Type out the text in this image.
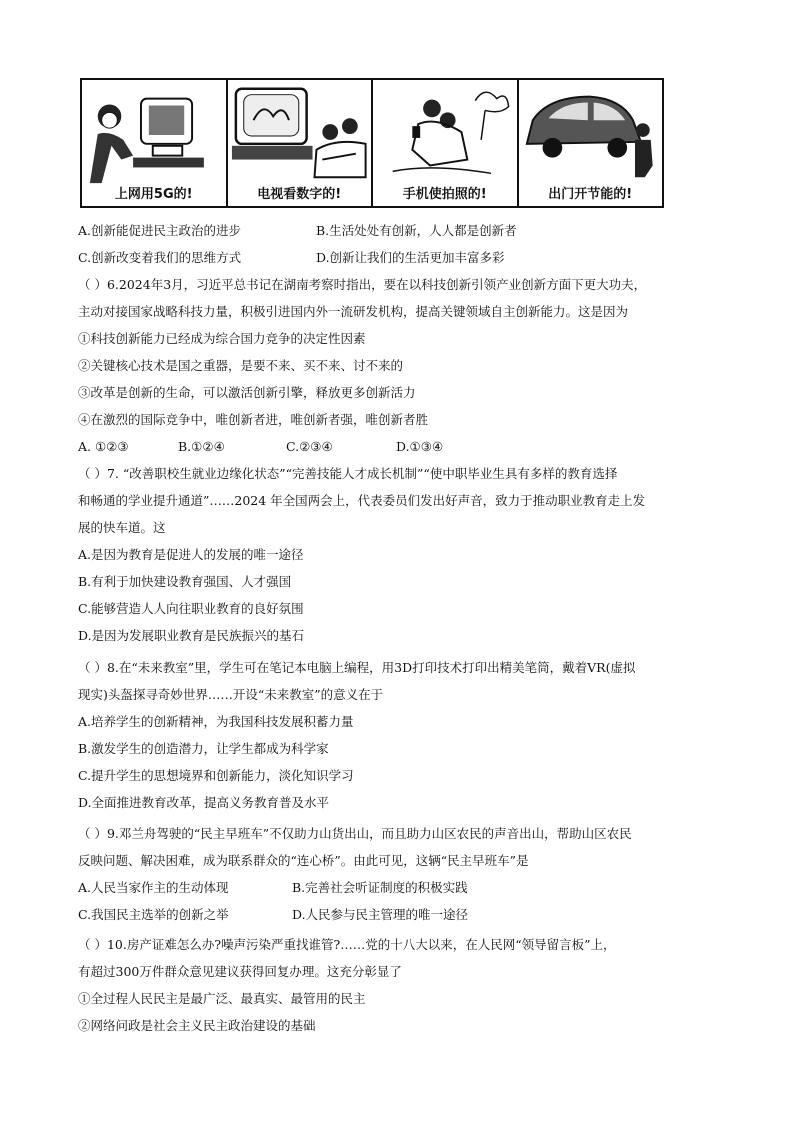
上网用5G的!	电视看数字的!	手机使拍照的!	出门开节能的!
A.创新能促进民主政治的进步	B.生活处处有创新，人人都是创新者
C.创新改变着我们的思维方式	D.创新让我们的生活更加丰富多彩
（ ）6.2024年3月，习近平总书记在湖南考察时指出，要在以科技创新引领产业创新方面下更大功夫，
主动对接国家战略科技力量，积极引进国内外一流研发机构，提高关键领域自主创新能力。这是因为
①科技创新能力已经成为综合国力竞争的决定性因素
②关键核心技术是国之重器，是要不来、买不来、讨不来的
③改革是创新的生命，可以激活创新引擎，释放更多创新活力
④在激烈的国际竞争中，唯创新者进，唯创新者强，唯创新者胜
A. ①②③	B.①②④	C.②③④	D.①③④
（ ）7. “改善职校生就业边缘化状态”“完善技能人才成长机制”“使中职毕业生具有多样的教育选择
和畅通的学业提升通道”……2024 年全国两会上，代表委员们发出好声音，致力于推动职业教育走上发
展的快车道。这
A.是因为教育是促进人的发展的唯一途径
B.有利于加快建设教育强国、人才强国
C.能够营造人人向往职业教育的良好氛围
D.是因为发展职业教育是民族振兴的基石
（ ）8.在“未来教室”里，学生可在笔记本电脑上编程，用3D打印技术打印出精美笔筒，戴着VR(虚拟
现实)头盔探寻奇妙世界……开设“未来教室”的意义在于
A.培养学生的创新精神，为我国科技发展积蓄力量
B.激发学生的创造潜力，让学生都成为科学家
C.提升学生的思想境界和创新能力，淡化知识学习
D.全面推进教育改革，提高义务教育普及水平
（ ）9.邓兰舟驾驶的“民主早班车”不仅助力山货出山，而且助力山区农民的声音出山，帮助山区农民
反映问题、解决困难，成为联系群众的“连心桥”。由此可见，这辆“民主早班车”是
A.人民当家作主的生动体现	B.完善社会听证制度的积极实践
C.我国民主选举的创新之举	D.人民参与民主管理的唯一途径
（ ）10.房产证难怎么办?噪声污染严重找谁管?……党的十八大以来，在人民网“领导留言板”上，
有超过300万件群众意见建议获得回复办理。这充分彰显了
①全过程人民民主是最广泛、最真实、最管用的民主
②网络问政是社会主义民主政治建设的基础
